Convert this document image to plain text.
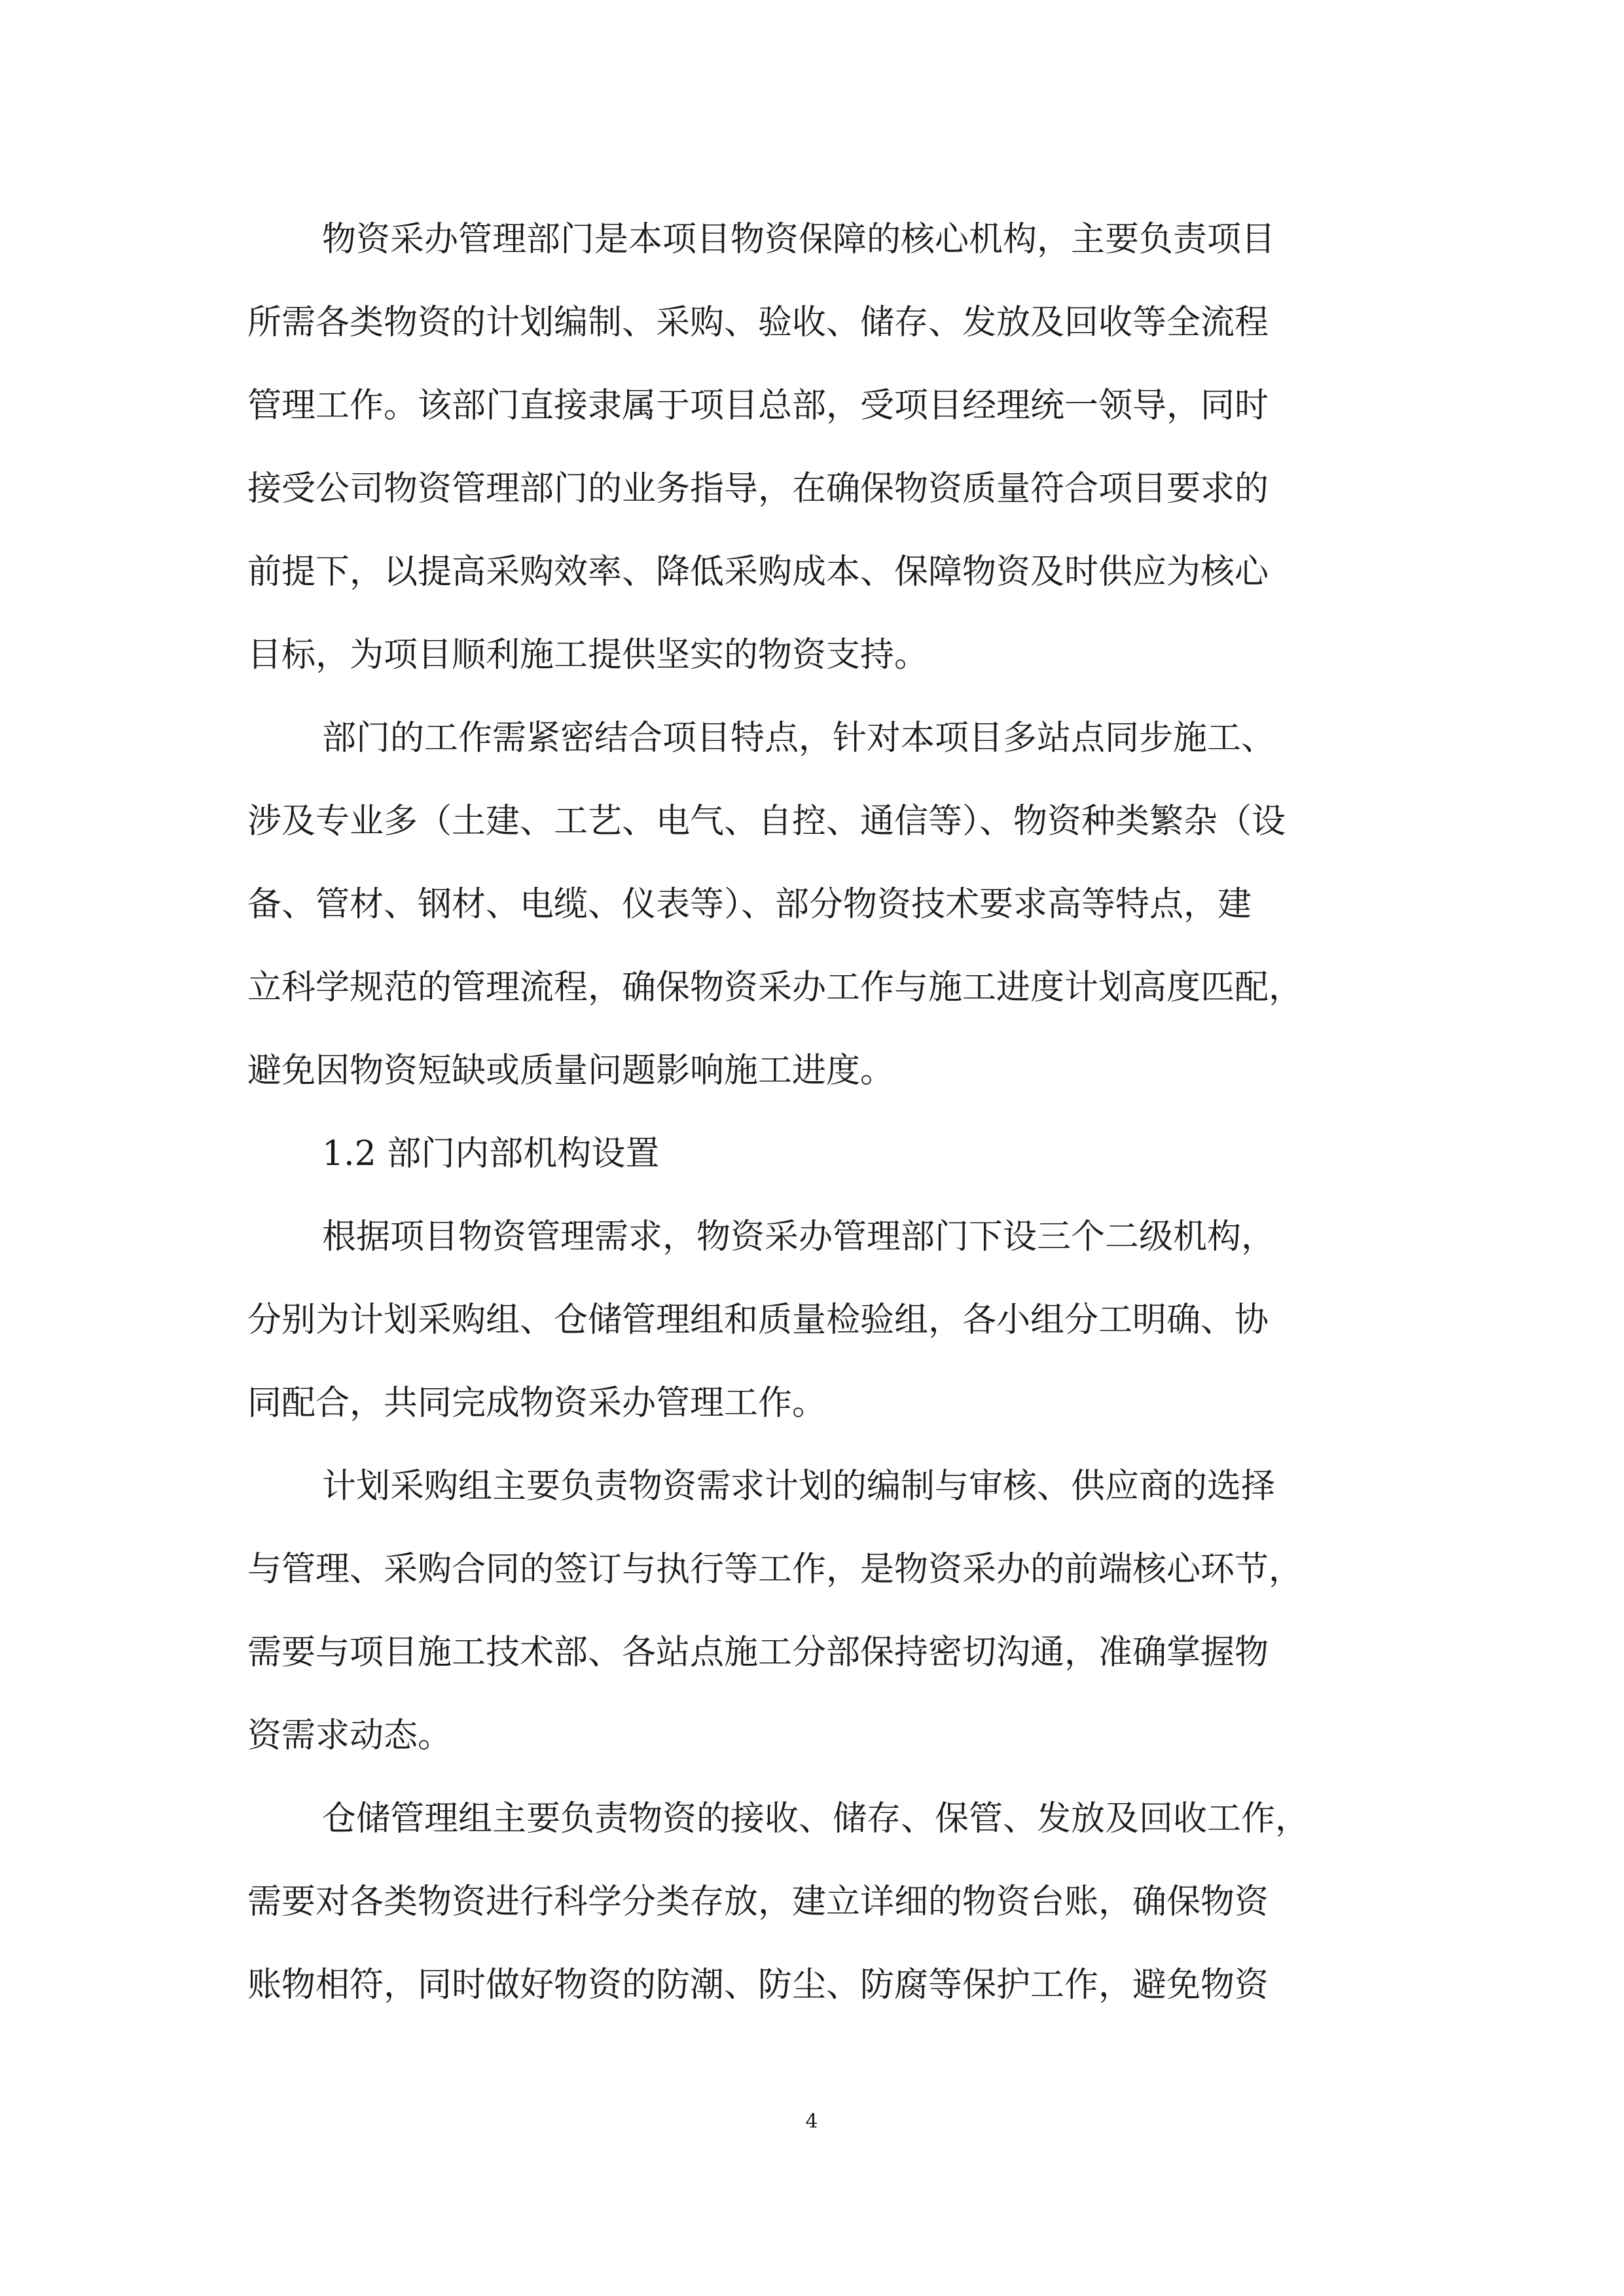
物资采办管理部门是本项目物资保障的核心机构，主要负责项目
所需各类物资的计划编制、采购、验收、储存、发放及回收等全流程
管理工作。该部门直接隶属于项目总部，受项目经理统一领导，同时
接受公司物资管理部门的业务指导，在确保物资质量符合项目要求的
前提下，以提高采购效率、降低采购成本、保障物资及时供应为核心
目标，为项目顺利施工提供坚实的物资支持。
部门的工作需紧密结合项目特点，针对本项目多站点同步施工、
涉及专业多（土建、工艺、电气、自控、通信等）、物资种类繁杂（设
备、管材、钢材、电缆、仪表等）、部分物资技术要求高等特点，建
立科学规范的管理流程，确保物资采办工作与施工进度计划高度匹配，
避免因物资短缺或质量问题影响施工进度。
1.2 部门内部机构设置
根据项目物资管理需求，物资采办管理部门下设三个二级机构，
分别为计划采购组、仓储管理组和质量检验组，各小组分工明确、协
同配合，共同完成物资采办管理工作。
计划采购组主要负责物资需求计划的编制与审核、供应商的选择
与管理、采购合同的签订与执行等工作，是物资采办的前端核心环节，
需要与项目施工技术部、各站点施工分部保持密切沟通，准确掌握物
资需求动态。
仓储管理组主要负责物资的接收、储存、保管、发放及回收工作，
需要对各类物资进行科学分类存放，建立详细的物资台账，确保物资
账物相符，同时做好物资的防潮、防尘、防腐等保护工作，避免物资
4
